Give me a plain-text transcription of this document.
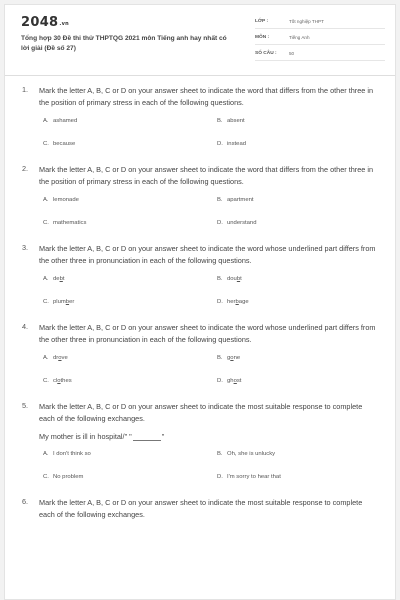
$2048^{.vn}$
Tổng hợp 30 Đề thi thử THPTQG 2021 môn Tiếng anh hay nhất có lời giải (Đề số 27)
LỚP :	Tốt nghiệp THPT
MÔN :	Tiếng Anh
SỐ CÂU :	50
1. Mark the letter A, B, C or D on your answer sheet to indicate the word that differs from the other three in the position of primary stress in each of the following questions.
A. ashamed	B. absent
C. because	D. instead
2. Mark the letter A, B, C or D on your answer sheet to indicate the word that differs from the other three in the position of primary stress in each of the following questions.
A. lemonade	B. apartment
C. mathematics	D. understand
3. Mark the letter A, B, C or D on your answer sheet to indicate the word whose underlined part differs from the other three in pronunciation in each of the following questions.
A. debt	B. doubt
C. plumber	D. herbage
4. Mark the letter A, B, C or D on your answer sheet to indicate the word whose underlined part differs from the other three in pronunciation in each of the following questions.
A. drove	B. gone
C. clothes	D. ghost
5. Mark the letter A, B, C or D on your answer sheet to indicate the most suitable response to complete each of the following exchanges.
My mother is ill in hospital/" "	"
A. I don't think so	B. Oh, she is unlucky
C. No problem	D. I'm sorry to hear that
6. Mark the letter A, B, C or D on your answer sheet to indicate the most suitable response to complete each of the following exchanges.
